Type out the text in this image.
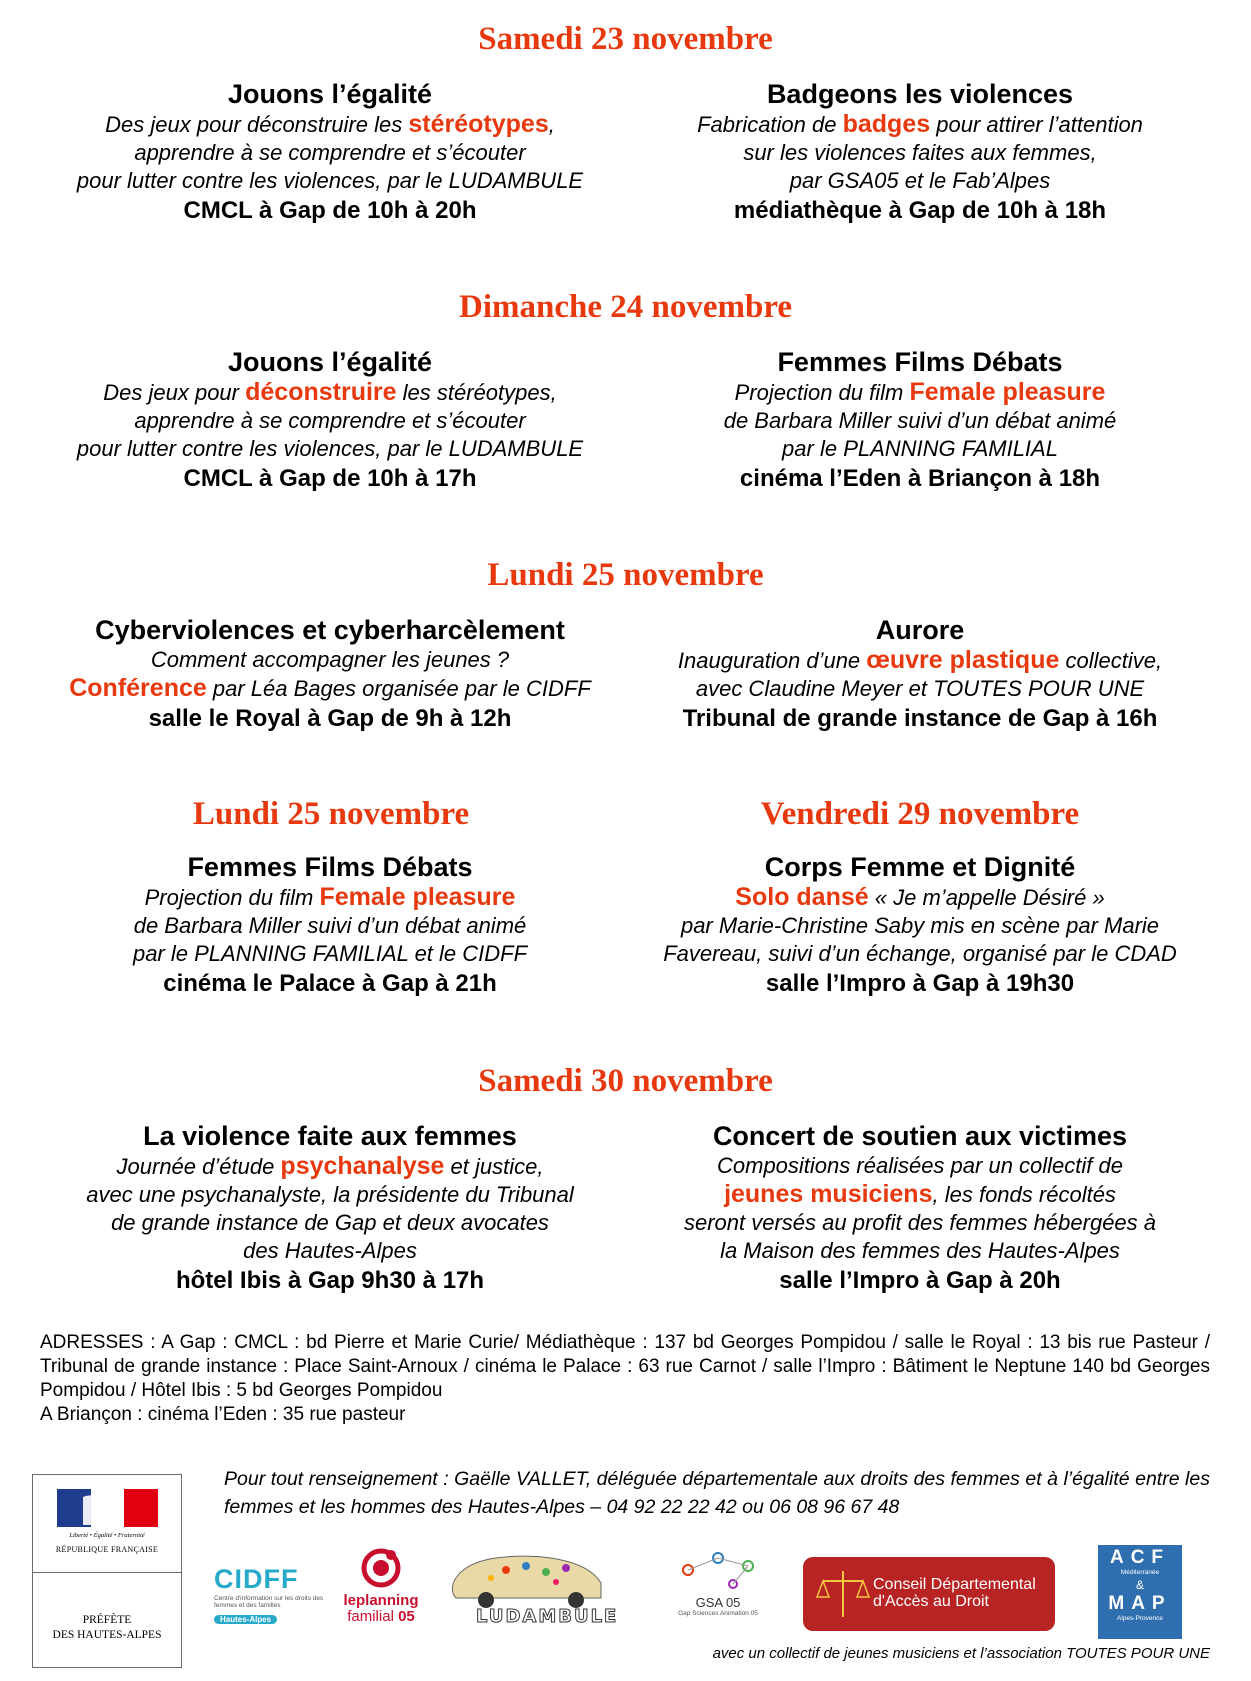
Samedi 23 novembre
Dimanche 24 novembre
Lundi 25 novembre
Lundi 25 novembre	Vendredi 29 novembre
Samedi 30 novembre
Jouons l’égalité
Des jeux pour déconstruire les stéréotypes,
apprendre à se comprendre et s’écouter
pour lutter contre les violences, par le LUDAMBULE
CMCL à Gap de 10h à 20h
Badgeons les violences
Fabrication de badges pour attirer l’attention
sur les violences faites aux femmes,
par GSA05 et le Fab’Alpes
médiathèque à Gap de 10h à 18h
Jouons l’égalité
Des jeux pour déconstruire les stéréotypes,
apprendre à se comprendre et s’écouter
pour lutter contre les violences, par le LUDAMBULE
CMCL à Gap de 10h à 17h
Femmes Films Débats
Projection du film Female pleasure
de Barbara Miller suivi d’un débat animé
par le PLANNING FAMILIAL
cinéma l’Eden à Briançon à 18h
Cyberviolences et cyberharcèlement
Comment accompagner les jeunes ?
Conférence par Léa Bages organisée par le CIDFF
salle le Royal à Gap de 9h à 12h
Aurore
Inauguration d’une œuvre plastique collective,
avec Claudine Meyer et TOUTES POUR UNE
Tribunal de grande instance de Gap à 16h
Femmes Films Débats
Projection du film Female pleasure
de Barbara Miller suivi d’un débat animé
par le PLANNING FAMILIAL et le CIDFF
cinéma le Palace à Gap à 21h
Corps Femme et Dignité
Solo dansé « Je m’appelle Désiré »
par Marie-Christine Saby mis en scène par Marie
Favereau, suivi d’un échange, organisé par le CDAD
salle l’Impro à Gap à 19h30
La violence faite aux femmes
Journée d’étude psychanalyse et justice,
avec une psychanalyste, la présidente du Tribunal
de grande instance de Gap et deux avocates
des Hautes-Alpes
hôtel Ibis à Gap 9h30 à 17h
Concert de soutien aux victimes
Compositions réalisées par un collectif de
jeunes musiciens, les fonds récoltés
seront versés au profit des femmes hébergées à
la Maison des femmes des Hautes-Alpes
salle l’Impro à Gap à 20h
ADRESSES : A Gap : CMCL : bd Pierre et Marie Curie/ Médiathèque : 137 bd Georges Pompidou / salle le Royal : 13 bis rue Pasteur / Tribunal de grande instance : Place Saint-Arnoux / cinéma le Palace : 63 rue Carnot / salle l’Impro : Bâtiment le Neptune 140 bd Georges Pompidou / Hôtel Ibis : 5 bd Georges Pompidou
A Briançon : cinéma l’Eden : 35 rue pasteur
Pour tout renseignement : Gaëlle VALLET, déléguée départementale aux droits des femmes et à l’égalité entre les femmes et les hommes des Hautes-Alpes – 04 92 22 22 42 ou 06 08 96 67 48
Liberté • Égalité • Fraternité
RÉPUBLIQUE FRANÇAISE
PRÉFÈTE
DES HAUTES-ALPES
CIDFF
Centre d'information sur les droits des femmes et des familles
Hautes-Alpes
leplanning
familial 05	LUDAMBULE
GSA 05
Gap Sciences Animation 05
Conseil Départemental
d'Accès au Droit
ACF
Méditerranée
&
MAP
Alpes-Provence
avec un collectif de jeunes musiciens et l’association TOUTES POUR UNE
